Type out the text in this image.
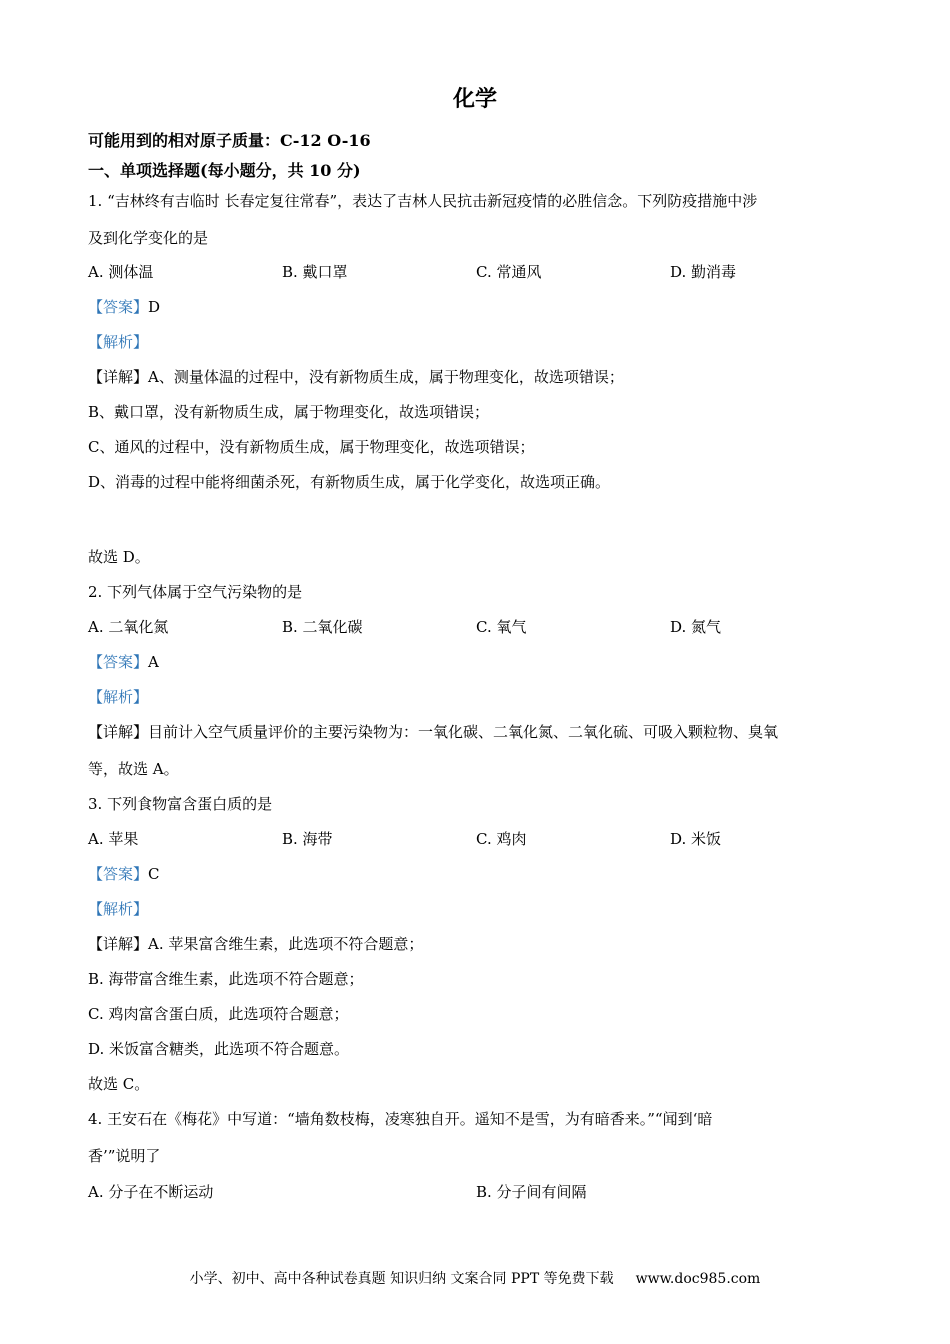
化学
可能用到的相对原子质量：C-12 O-16
一、单项选择题(每小题分，共 10 分)
1. “吉林终有吉临时 长春定复往常春”，表达了吉林人民抗击新冠疫情的必胜信念。下列防疫措施中涉
及到化学变化的是
A. 测体温	B. 戴口罩	C. 常通风	D. 勤消毒
【答案】D
【解析】
【详解】A、测量体温的过程中，没有新物质生成，属于物理变化，故选项错误；
B、戴口罩，没有新物质生成，属于物理变化，故选项错误；
C、通风的过程中，没有新物质生成，属于物理变化，故选项错误；
D、消毒的过程中能将细菌杀死，有新物质生成，属于化学变化，故选项正确。
故选 D。
2. 下列气体属于空气污染物的是
A. 二氧化氮	B. 二氧化碳	C. 氧气	D. 氮气
【答案】A
【解析】
【详解】目前计入空气质量评价的主要污染物为：一氧化碳、二氧化氮、二氧化硫、可吸入颗粒物、臭氧
等，故选 A。
3. 下列食物富含蛋白质的是
A. 苹果	B. 海带	C. 鸡肉	D. 米饭
【答案】C
【解析】
【详解】A. 苹果富含维生素，此选项不符合题意；
B. 海带富含维生素，此选项不符合题意；
C. 鸡肉富含蛋白质，此选项符合题意；
D. 米饭富含糖类，此选项不符合题意。
故选 C。
4. 王安石在《梅花》中写道：“墙角数枝梅，凌寒独自开。遥知不是雪，为有暗香来。”“闻到‘暗
香’”说明了
A. 分子在不断运动	B. 分子间有间隔
小学、初中、高中各种试卷真题 知识归纳 文案合同 PPT 等免费下载 www.doc985.com
